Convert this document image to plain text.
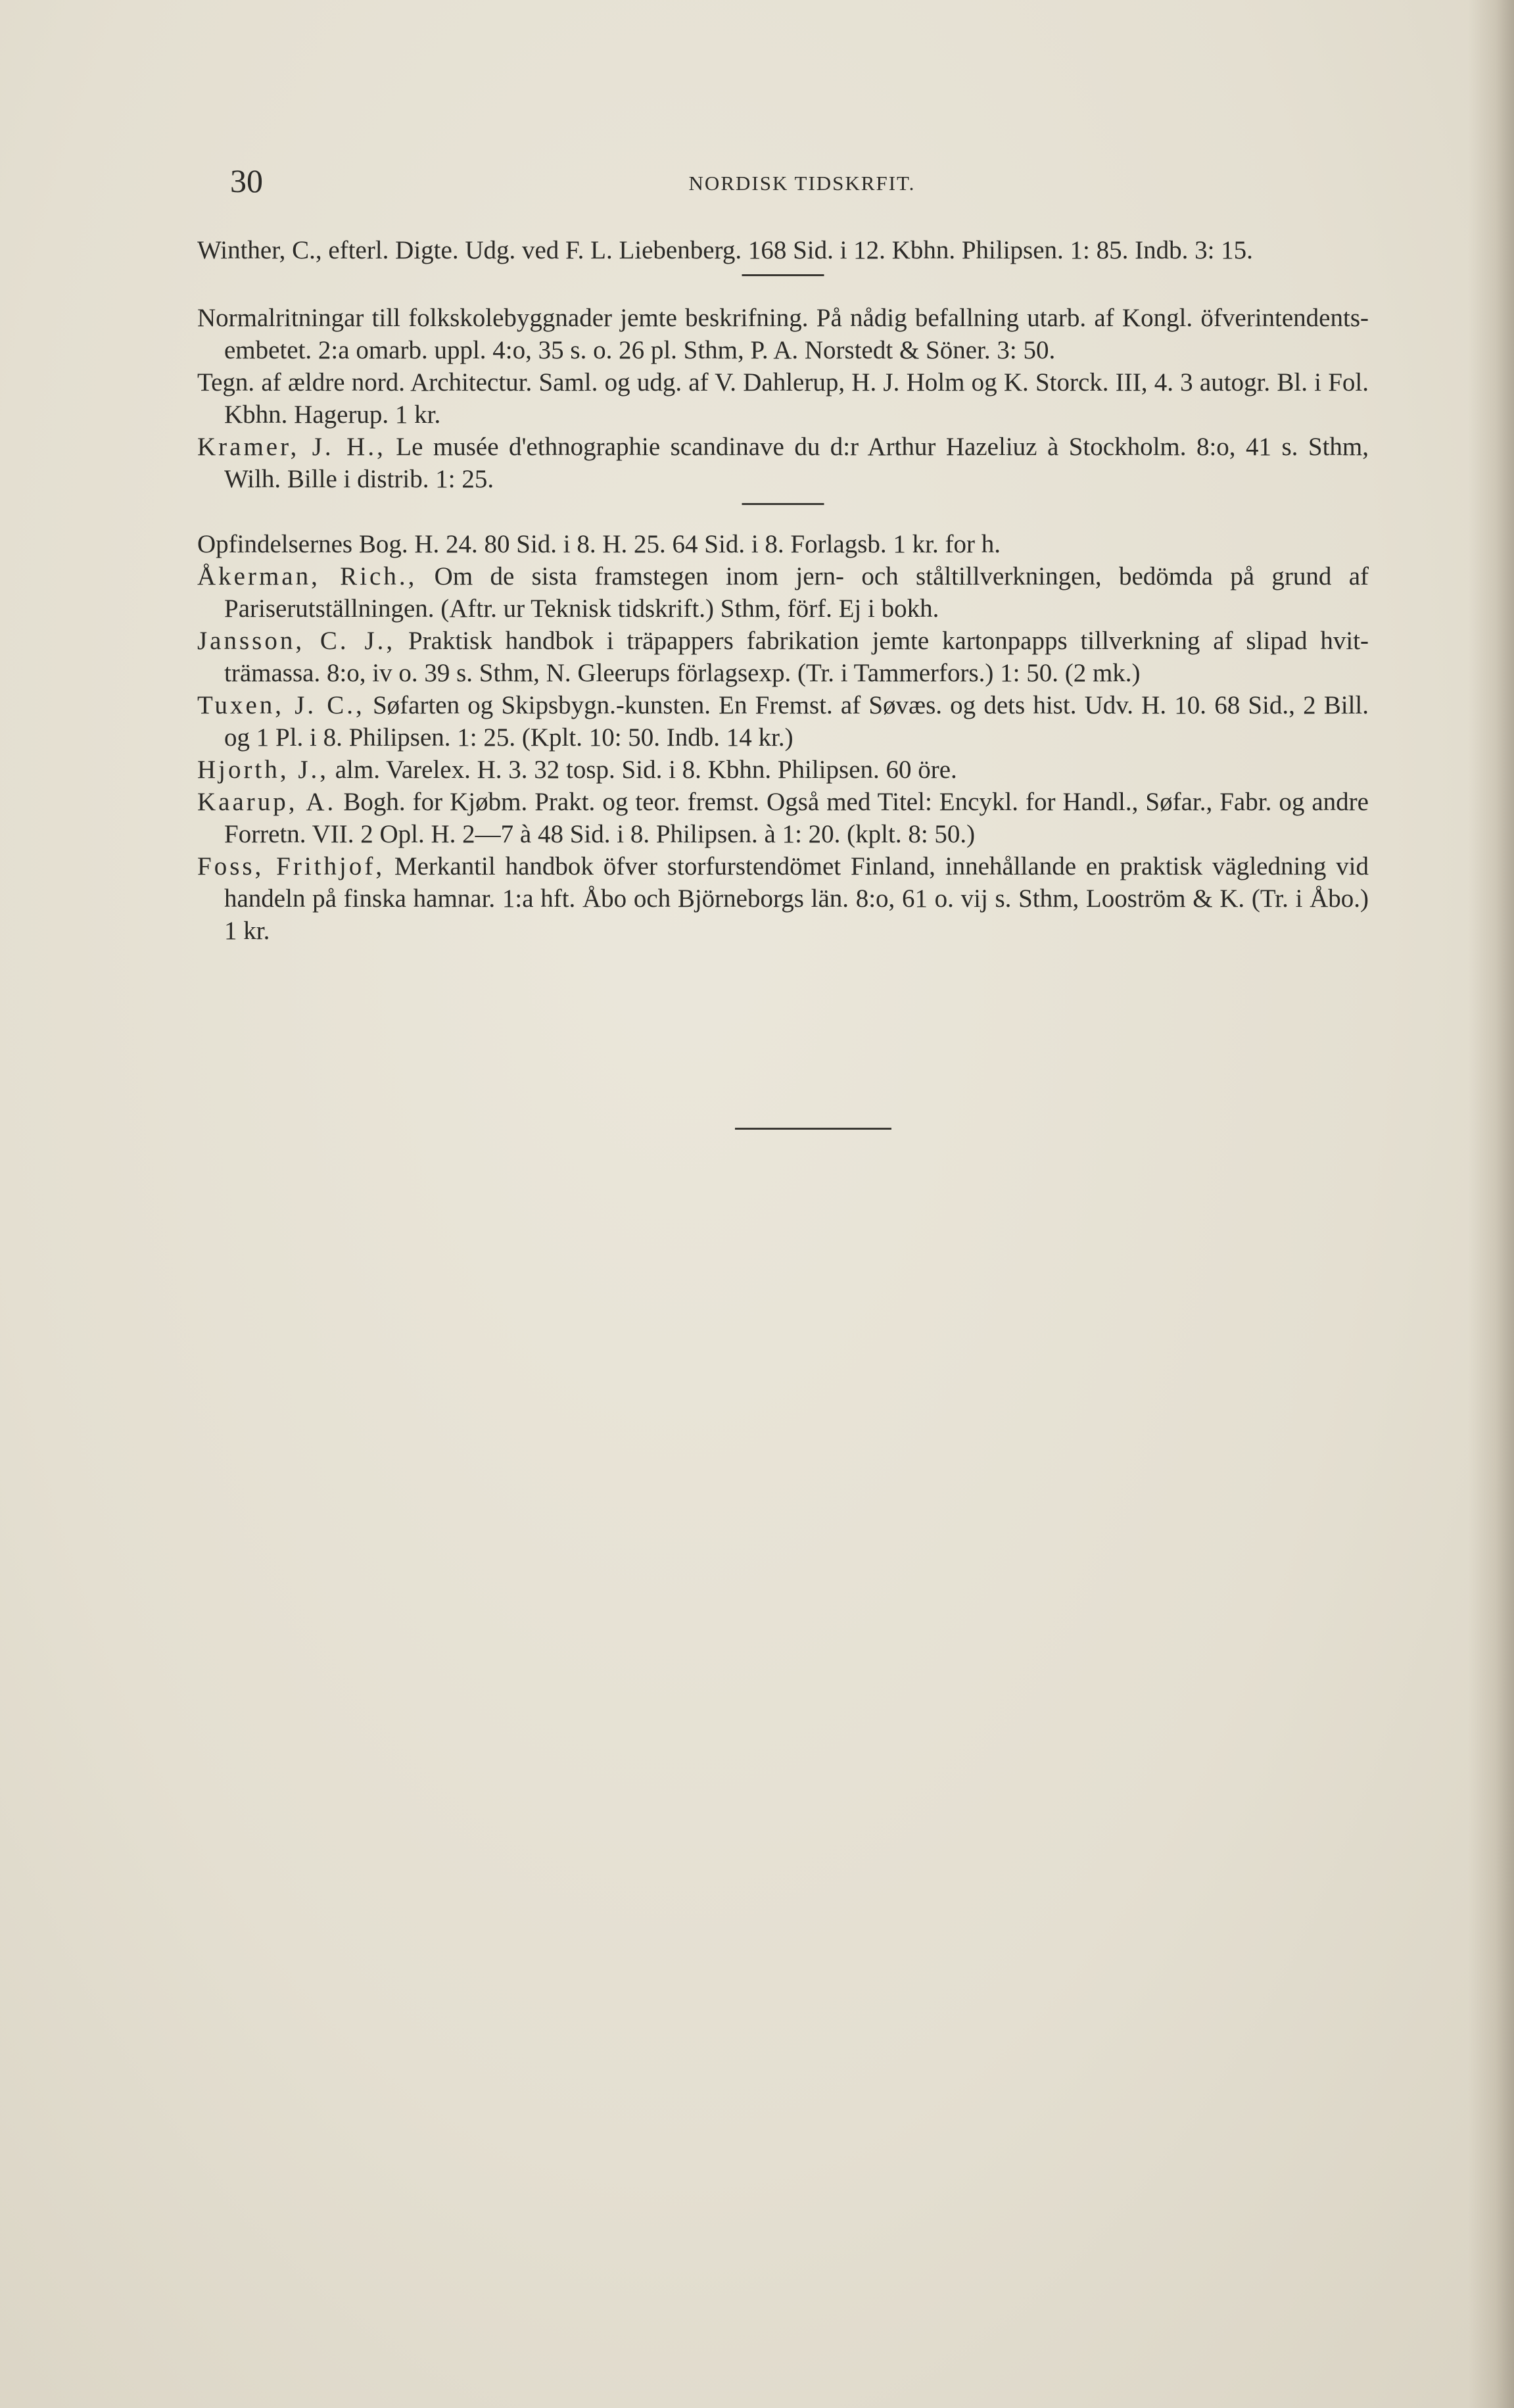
30	NORDISK TIDSKRFIT.
Winther, C., efterl. Digte. Udg. ved F. L. Liebenberg. 168 Sid. i 12. Kbhn. Philipsen. 1: 85. Indb. 3: 15.
Normalritningar till folkskolebyggnader jemte beskrifning. På nådig befallning utarb. af Kongl. öfverintendents-embetet. 2:a omarb. uppl. 4:o, 35 s. o. 26 pl. Sthm, P. A. Norstedt & Söner. 3: 50.
Tegn. af ældre nord. Architectur. Saml. og udg. af V. Dahlerup, H. J. Holm og K. Storck. III, 4. 3 autogr. Bl. i Fol. Kbhn. Hagerup. 1 kr.
Kramer, J. H., Le musée d'ethnographie scandinave du d:r Arthur Hazeliuz à Stockholm. 8:o, 41 s. Sthm, Wilh. Bille i distrib. 1: 25.
Opfindelsernes Bog. H. 24. 80 Sid. i 8. H. 25. 64 Sid. i 8. Forlagsb. 1 kr. for h.
Åkerman, Rich., Om de sista framstegen inom jern- och ståltillverkningen, bedömda på grund af Pariserutställningen. (Aftr. ur Teknisk tidskrift.) Sthm, förf. Ej i bokh.
Jansson, C. J., Praktisk handbok i träpappers fabrikation jemte kartonpapps tillverkning af slipad hvit-trämassa. 8:o, iv o. 39 s. Sthm, N. Gleerups förlagsexp. (Tr. i Tammerfors.) 1: 50. (2 mk.)
Tuxen, J. C., Søfarten og Skipsbygn.-kunsten. En Fremst. af Søvæs. og dets hist. Udv. H. 10. 68 Sid., 2 Bill. og 1 Pl. i 8. Philipsen. 1: 25. (Kplt. 10: 50. Indb. 14 kr.)
Hjorth, J., alm. Varelex. H. 3. 32 tosp. Sid. i 8. Kbhn. Philipsen. 60 öre.
Kaarup, A. Bogh. for Kjøbm. Prakt. og teor. fremst. Også med Titel: Encykl. for Handl., Søfar., Fabr. og andre Forretn. VII. 2 Opl. H. 2—7 à 48 Sid. i 8. Philipsen. à 1: 20. (kplt. 8: 50.)
Foss, Frithjof, Merkantil handbok öfver storfurstendömet Finland, innehållande en praktisk vägledning vid handeln på finska hamnar. 1:a hft. Åbo och Björneborgs län. 8:o, 61 o. vij s. Sthm, Looström & K. (Tr. i Åbo.) 1 kr.
